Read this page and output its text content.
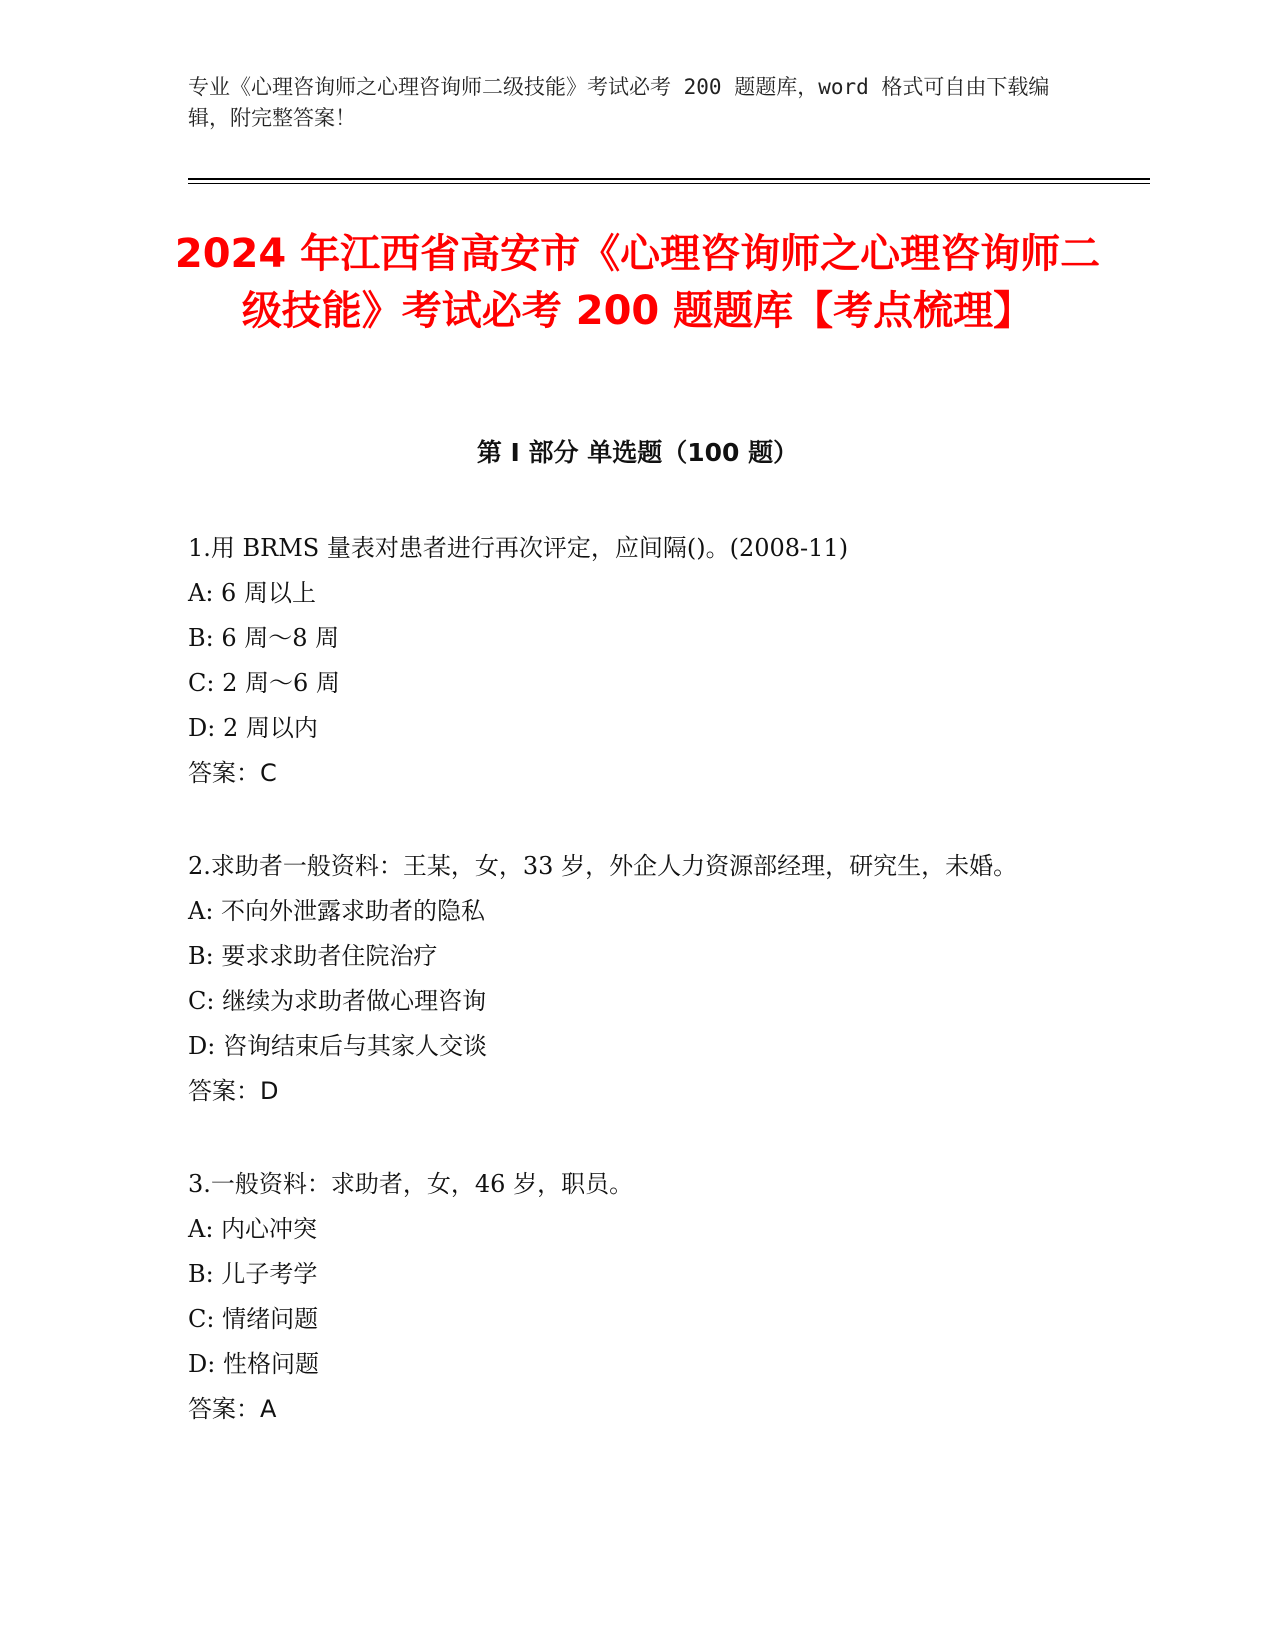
专业《心理咨询师之心理咨询师二级技能》考试必考 200 题题库，word 格式可自由下载编辑，附完整答案！
2024 年江西省高安市《心理咨询师之心理咨询师二级技能》考试必考 200 题题库【考点梳理】
第 I 部分 单选题（100 题）
1.用 BRMS 量表对患者进行再次评定，应间隔()。(2008-11)
A: 6 周以上
B: 6 周～8 周
C: 2 周～6 周
D: 2 周以内
答案：C
2.求助者一般资料：王某，女，33 岁，外企人力资源部经理，研究生，未婚。
A: 不向外泄露求助者的隐私
B: 要求求助者住院治疗
C: 继续为求助者做心理咨询
D: 咨询结束后与其家人交谈
答案：D
3.一般资料：求助者，女，46 岁，职员。
A: 内心冲突
B: 儿子考学
C: 情绪问题
D: 性格问题
答案：A
